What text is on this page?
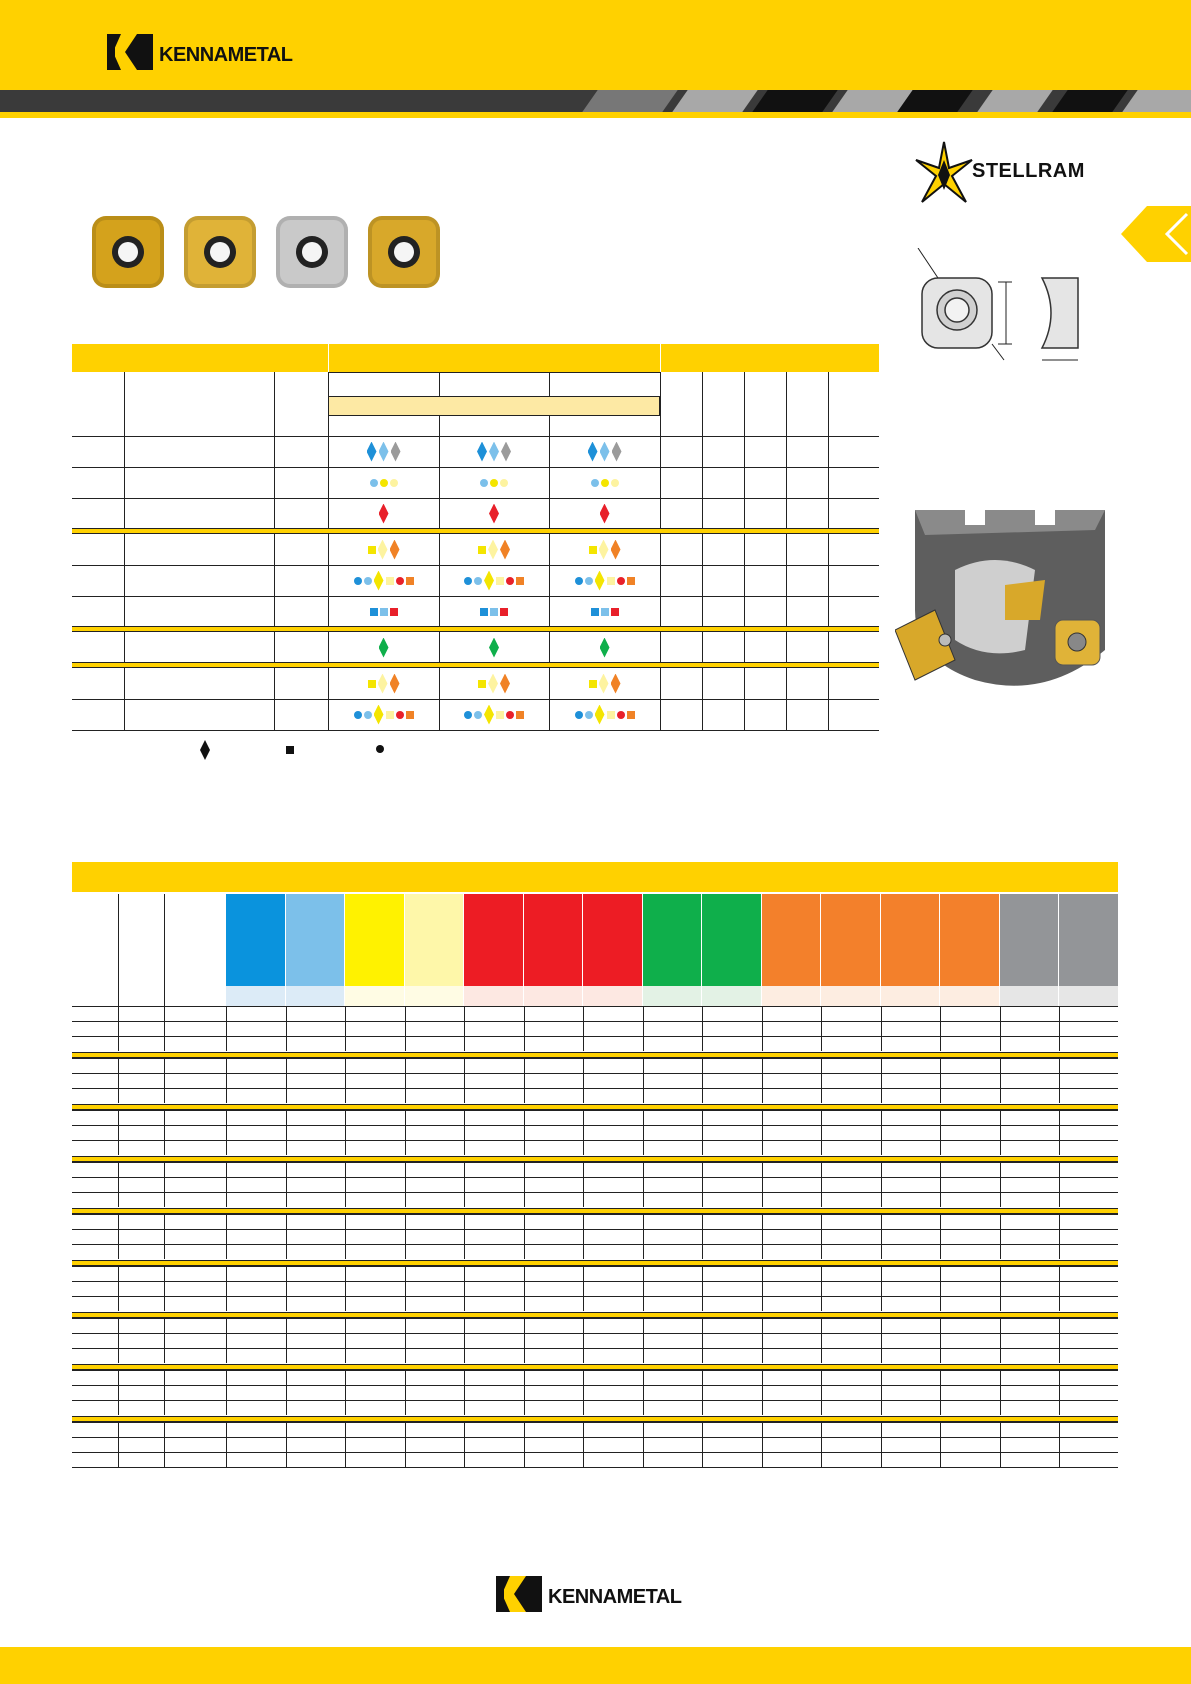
KENNAMETAL
STELLRAM
KENNAMETAL
